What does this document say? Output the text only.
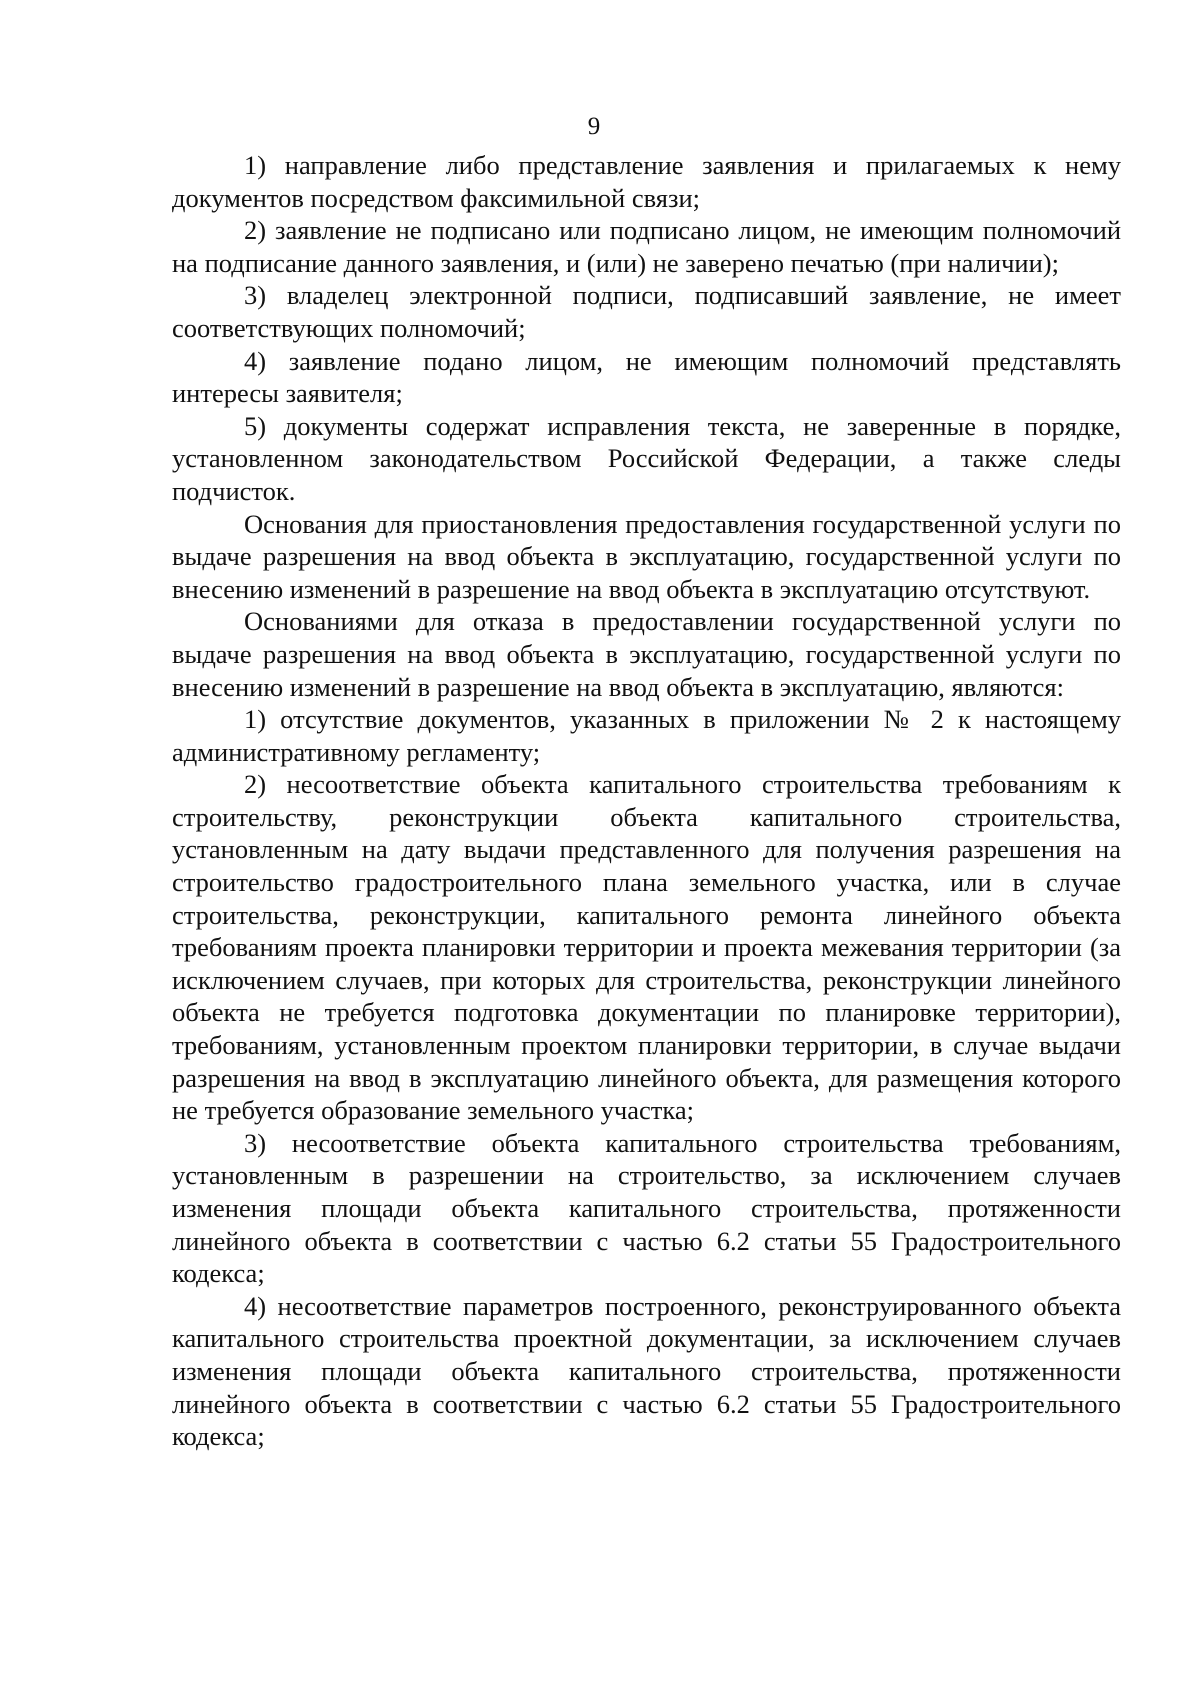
9

1) направление либо представление заявления и прилагаемых к нему документов посредством факсимильной связи;

2) заявление не подписано или подписано лицом, не имеющим полномочий на подписание данного заявления, и (или) не заверено печатью (при наличии);

3) владелец электронной подписи, подписавший заявление, не имеет соответствующих полномочий;

4) заявление подано лицом, не имеющим полномочий представлять интересы заявителя;

5) документы содержат исправления текста, не заверенные в порядке, установленном законодательством Российской Федерации, а также следы подчисток.

Основания для приостановления предоставления государственной услуги по выдаче разрешения на ввод объекта в эксплуатацию, государственной услуги по внесению изменений в разрешение на ввод объекта в эксплуатацию отсутствуют.

Основаниями для отказа в предоставлении государственной услуги по выдаче разрешения на ввод объекта в эксплуатацию, государственной услуги по внесению изменений в разрешение на ввод объекта в эксплуатацию, являются:

1) отсутствие документов, указанных в приложении № 2 к настоящему административному регламенту;

2) несоответствие объекта капитального строительства требованиям к строительству, реконструкции объекта капитального строительства, установленным на дату выдачи представленного для получения разрешения на строительство градостроительного плана земельного участка, или в случае строительства, реконструкции, капитального ремонта линейного объекта требованиям проекта планировки территории и проекта межевания территории (за исключением случаев, при которых для строительства, реконструкции линейного объекта не требуется подготовка документации по планировке территории), требованиям, установленным проектом планировки территории, в случае выдачи разрешения на ввод в эксплуатацию линейного объекта, для размещения которого не требуется образование земельного участка;

3) несоответствие объекта капитального строительства требованиям, установленным в разрешении на строительство, за исключением случаев изменения площади объекта капитального строительства, протяженности линейного объекта в соответствии с частью 6.2 статьи 55 Градостроительного кодекса;

4) несоответствие параметров построенного, реконструированного объекта капитального строительства проектной документации, за исключением случаев изменения площади объекта капитального строительства, протяженности линейного объекта в соответствии с частью 6.2 статьи 55 Градостроительного кодекса;
